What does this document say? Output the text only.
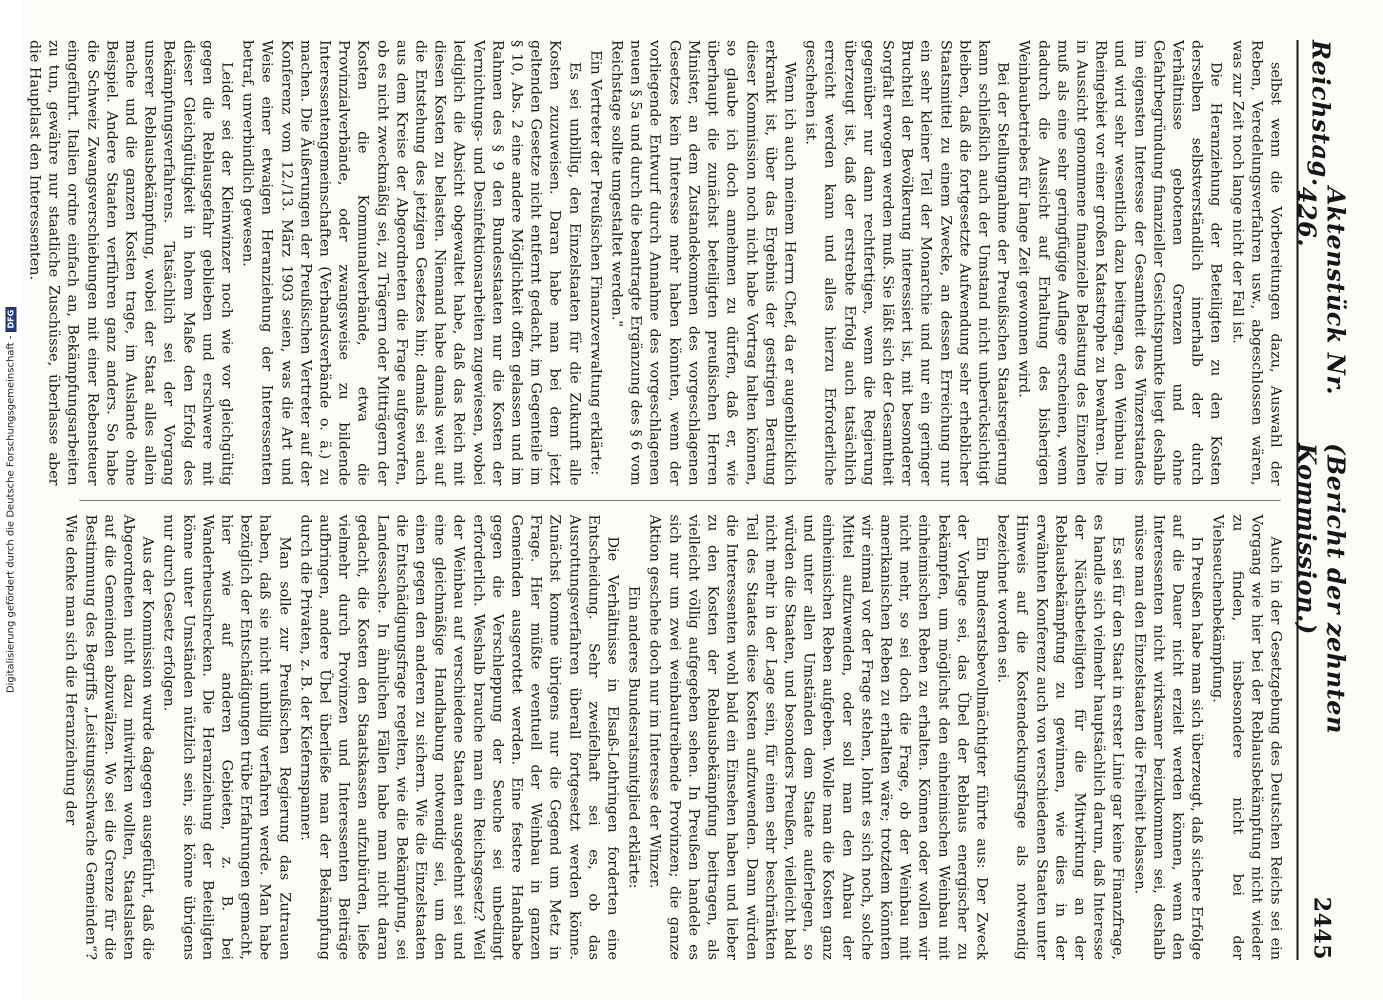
Digitalisierung gefördert durch die Deutsche Forschungsgemeinschaft -DFG
Reichstag.
Aktenstück Nr. 426.
(Bericht der zehnten Kommission.)
2445

selbst wenn die Vorbereitungen dazu, Auswahl der Reben, Veredelungsverfahren usw., abgeschlossen wären, was zur Zeit noch lange nicht der Fall ist.

Die Heranziehung der Beteiligten zu den Kosten derselben selbstverständlich innerhalb der durch Verhältnisse gebotenen Grenzen und ohne Gefahrbegründung finanzieller Gesichtspunkte liegt deshalb im eigensten Interesse der Gesamtheit des Winzerstandes und wird sehr wesentlich dazu beitragen, den Weinbau im Rheingebiet vor einer großen Katastrophe zu bewahren. Die in Aussicht genommene finanzielle Belastung des Einzelnen muß als eine sehr geringfügige Auflage erscheinen, wenn dadurch die Aussicht auf Erhaltung des bisherigen Weinbaubetriebes für lange Zeit gewonnen wird.

Bei der Stellungnahme der Preußischen Staatsregierung kann schließlich auch der Umstand nicht unberücksichtigt bleiben, daß die fortgesetzte Aufwendung sehr erheblicher Staatsmittel zu einem Zwecke, an dessen Erreichung nur ein sehr kleiner Teil der Monarchie und nur ein geringer Bruchteil der Bevölkerung interessiert ist, mit besonderer Sorgfalt erwogen werden muß. Sie läßt sich der Gesamtheit gegenüber nur dann rechtfertigen, wenn die Regierung überzeugt ist, daß der erstrebte Erfolg auch tatsächlich erreicht werden kann und alles hierzu Erforderliche geschehen ist.

Wenn ich auch meinem Herrn Chef, da er augenblicklich erkrankt ist, über das Ergebnis der gestrigen Beratung dieser Kommission noch nicht habe Vortrag halten können, so glaube ich doch annehmen zu dürfen, daß er, wie überhaupt die zunächst beteiligten preußischen Herren Minister, an dem Zustandekommen des vorgeschlagenen Gesetzes kein Interesse mehr haben könnten, wenn der vorliegende Entwurf durch Annahme des vorgeschlagenen neuen § 5a und durch die beantragte Ergänzung des § 6 vom Reichstage sollte umgestaltet werden."

Ein Vertreter der Preußischen Finanzverwaltung erklärte:

Es sei unbillig, den Einzelstaaten für die Zukunft alle Kosten zuzuweisen. Daran habe man bei dem jetzt geltenden Gesetze nicht entfernt gedacht, im Gegenteile im § 10, Abs. 2 eine andere Möglichkeit offen gelassen und im Rahmen des § 9 den Bundesstaaten nur die Kosten der Vernichtungs- und Desinfektionsarbeiten zugewiesen, wobei lediglich die Absicht obgewaltet habe, daß das Reich mit diesen Kosten zu belasten. Niemand habe damals weit auf die Entstehung des jetzigen Gesetzes hin; damals sei auch aus dem Kreise der Abgeordneten die Frage aufgeworfen, ob es nicht zweckmäßig sei, zu Trägern oder Mitträgern der Kosten die Kommunalverbände, etwa die Provinzialverbände, oder zwangsweise zu bildende Interessentengemeinschaften (Verbandsverbände o. ä.) zu machen. Die Äußerungen der Preußischen Vertreter auf der Konferenz vom 12./13. März 1903 seien, was die Art und Weise einer etwaigen Heranziehung der Interessenten betraf, unverbindlich gewesen.

Leider sei der Kleinwinzer noch wie vor gleichgültig gegen die Reblausgefahr geblieben und erschwere mit dieser Gleichgültigkeit in hohem Maße den Erfolg des Bekämpfungsverfahrens. Tatsächlich sei der Vorgang unserer Reblausbekämpfung, wobei der Staat alles allein mache und die ganzen Kosten trage, im Auslande ohne Beispiel. Andere Staaten verführen ganz anders. So habe die Schweiz Zwangsverschiebungen mit einer Rebensteuer eingeführt. Italien ordne einfach an, Bekämpfungsarbeiten zu tun, gewähre nur staatliche Zuschüsse, überlasse aber die Hauptlast den Interessenten.

Auch in der Gesetzgebung des Deutschen Reichs sei ein Vorgang wie hier bei der Reblausbekämpfung nicht wieder zu finden, insbesondere nicht bei der Viehseuchenbekämpfung.

In Preußen habe man sich überzeugt, daß sichere Erfolge auf die Dauer nicht erzielt werden können, wenn den Interessenten nicht wirksamer beizukommen sei, deshalb müsse man den Einzelstaaten die Freiheit belassen.

Es sei für den Staat in erster Linie gar keine Finanzfrage, es handle sich vielmehr hauptsächlich darum, daß Interesse der Nächstbeteiligten für die Mitwirkung an der Reblausbekämpfung zu gewinnen, wie dies in der erwähnten Konferenz auch von verschiedenen Staaten unter Hinweis auf die Kostendeckungsfrage als notwendig bezeichnet worden sei.

Ein Bundesratsbevollmächtigter führte aus: Der Zweck der Vorlage sei, das Übel der Reblaus energischer zu bekämpfen, um möglichst den einheimischen Weinbau mit einheimischen Reben zu erhalten. Können oder wollen wir nicht mehr, so sei doch die Frage, ob der Weinbau mit amerikanischen Reben zu erhalten wäre; trotzdem könnten wir einmal vor der Frage stehen, lohnt es sich noch, solche Mittel aufzuwenden, oder soll man den Anbau der einheimischen Reben aufgeben. Wolle man die Kosten ganz und unter allen Umständen dem Staate auferlegen, so würden die Staaten, und besonders Preußen, vielleicht bald nicht mehr in der Lage sein, für einen sehr beschränkten Teil des Staates diese Kosten aufzuwenden. Dann würden die Interessenten wohl bald ein Einsehen haben und lieber zu den Kosten der Reblausbekämpfung beitragen, als vielleicht völlig aufgegeben sehen. In Preußen handele es sich nur um zwei weinbautreibende Provinzen; die ganze Aktion geschehe doch nur im Interesse der Winzer.

Ein anderes Bundesratsmitglied erklärte:

Die Verhältnisse in Elsaß-Lothringen forderten eine Entscheidung. Sehr zweifelhaft sei es, ob das Ausrottungsverfahren überall fortgesetzt werden könne. Zunächst komme übrigens nur die Gegend um Metz in Frage. Hier müßte eventuell der Weinbau in ganzen Gemeinden ausgerottet werden. Eine festere Handhabe gegen die Verschleppung der Seuche sei unbedingt erforderlich. Weshalb brauche man ein Reichsgesetz? Weil der Weinbau auf verschiedene Staaten ausgedehnt sei und eine gleichmäßige Handhabung notwendig sei, um den einen gegen den anderen zu sichern. Wie die Einzelstaaten die Entschädigungsfrage regelten, wie die Bekämpfung, sei Landessache. In ähnlichen Fällen habe man nicht daran gedacht, die Kosten den Staatskassen aufzubürden, ließe vielmehr durch Provinzen und Interessenten Beiträge aufbringen, andere Übel überließe man der Bekämpfung durch die Privaten, z. B. der Kiefernspanner.

Man solle zur Preußischen Regierung das Zutrauen haben, daß sie nicht unbillig verfahren werde. Man habe bezüglich der Entschädigungen trübe Erfahrungen gemacht, hier wie auf anderen Gebieten, z. B. bei Wanderheuschrecken. Die Heranziehung der Beteiligten könne unter Umständen nützlich sein, sie könne übrigens nur durch Gesetz erfolgen.

Aus der Kommission wurde dagegen ausgeführt, daß die Abgeordneten nicht dazu mitwirken wollten, Staatslasten auf die Gemeinden abzuwälzen. Wo sei die Grenze für die Bestimmung des Begriffs „Leistungsschwache Gemeinden“? Wie denke man sich die Heranziehung der
